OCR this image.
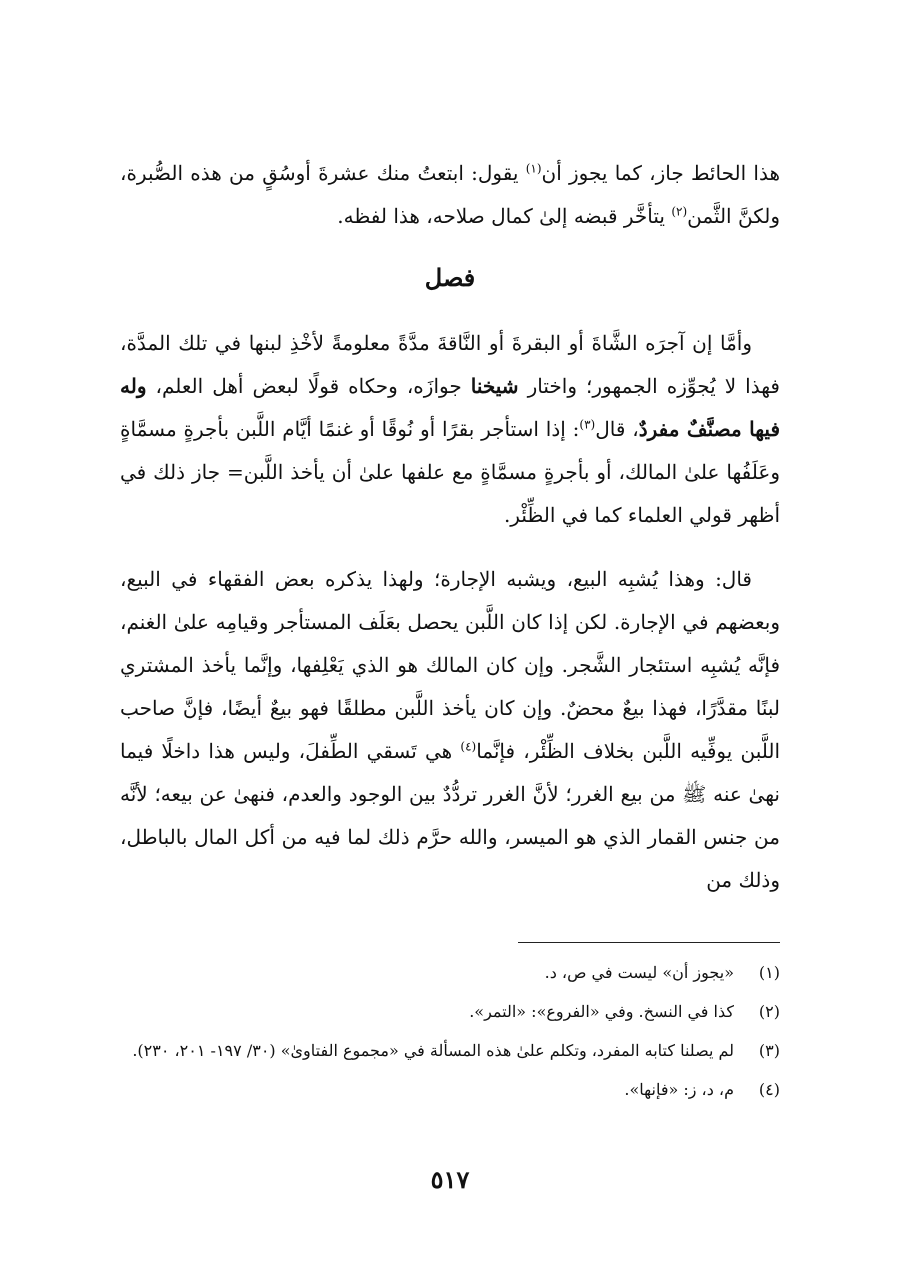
هذا الحائط جاز، كما يجوز أن$^{(١)}$ يقول: ابتعتُ منك عشرةَ أوسُقٍ من هذه الصُّبرة، ولكنَّ الثَّمن$^{(٢)}$ يتأخَّر قبضه إلىٰ كمال صلاحه، هذا لفظه.

فصل

وأمَّا إن آجرَه الشَّاةَ أو البقرةَ أو النَّاقةَ مدَّةً معلومةً لأخْذِ لبنها في تلك المدَّة، فهذا لا يُجوِّزه الجمهور؛ واختار شيخنا جوازَه، وحكاه قولًا لبعض أهل العلم، وله فيها مصنَّفٌ مفردٌ، قال$^{(٣)}$: إذا استأجر بقرًا أو نُوقًا أو غنمًا أيَّام اللَّبن بأجرةٍ مسمَّاةٍ وعَلَفُها علىٰ المالك، أو بأجرةٍ مسمَّاةٍ مع علفها علىٰ أن يأخذ اللَّبن= جاز ذلك في أظهر قولي العلماء كما في الظِّئْر.

قال: وهذا يُشبِه البيع، ويشبه الإجارة؛ ولهذا يذكره بعض الفقهاء في البيع، وبعضهم في الإجارة. لكن إذا كان اللَّبن يحصل بعَلَف المستأجر وقيامِه علىٰ الغنم، فإنَّه يُشبِه استئجار الشَّجر. وإن كان المالك هو الذي يَعْلِفها، وإنَّما يأخذ المشتري لبنًا مقدَّرًا، فهذا بيعٌ محضٌ. وإن كان يأخذ اللَّبن مطلقًا فهو بيعٌ أيضًا، فإنَّ صاحب اللَّبن يوفِّيه اللَّبن بخلاف الظِّئْر، فإنَّما$^{(٤)}$ هي تَسقي الطِّفلَ، وليس هذا داخلًا فيما نهىٰ عنه ﷺ من بيع الغرر؛ لأنَّ الغرر تردُّدٌ بين الوجود والعدم، فنهىٰ عن بيعه؛ لأنَّه من جنس القمار الذي هو الميسر، والله حرَّم ذلك لما فيه من أكل المال بالباطل، وذلك من

(١)
«يجوز أن» ليست في ص، د.
(٢)
كذا في النسخ. وفي «الفروع»: «التمر».
(٣)
لم يصلنا كتابه المفرد، وتكلم علىٰ هذه المسألة في «مجموع الفتاوىٰ» (٣٠/ ١٩٧- ٢٠١، ٢٣٠).
(٤)
م، د، ز: «فإنها».
٥١٧
